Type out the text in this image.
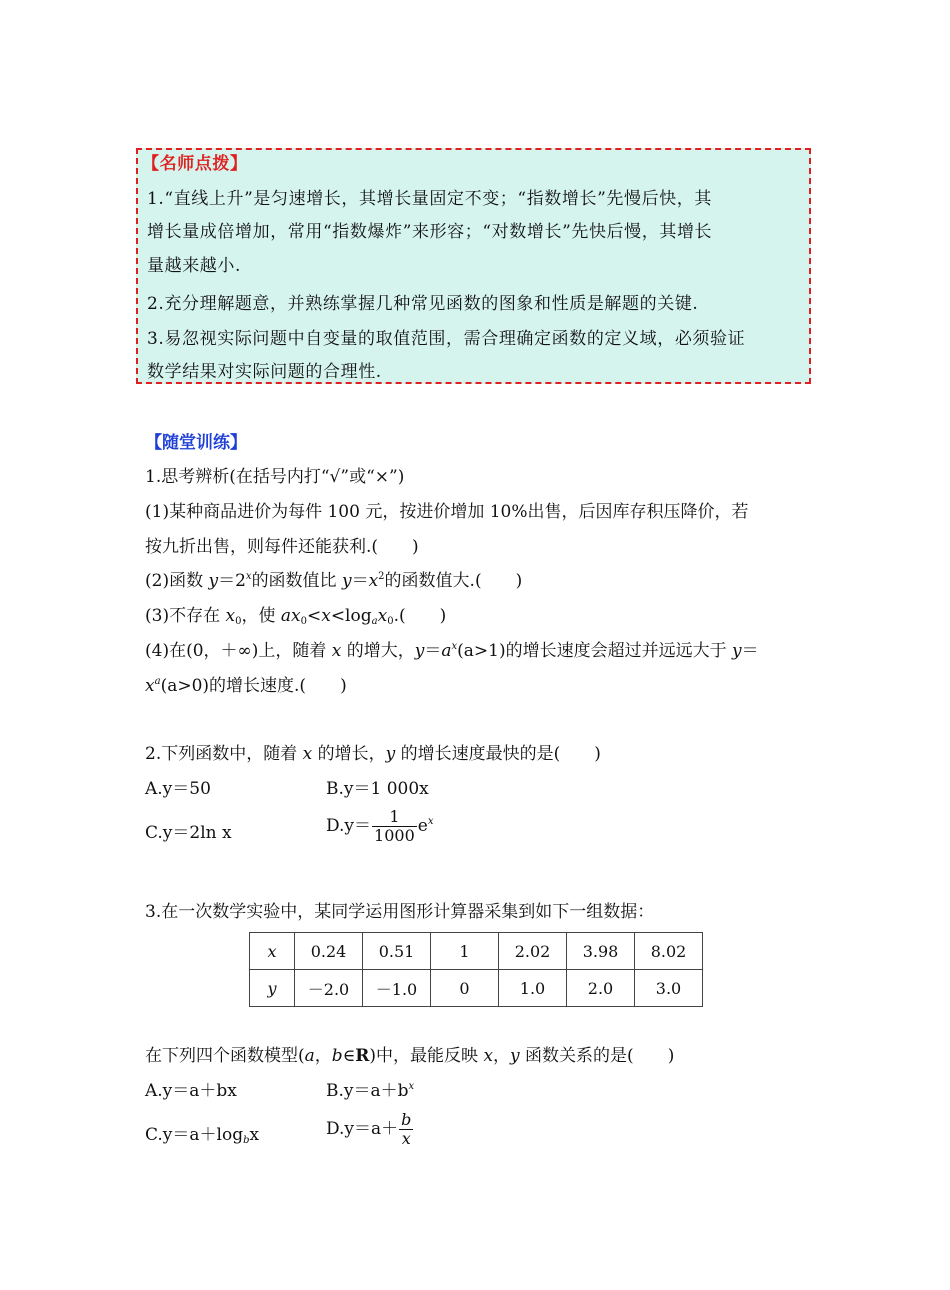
【名师点拨】
1.“直线上升”是匀速增长，其增长量固定不变；“指数增长”先慢后快，其
增长量成倍增加，常用“指数爆炸”来形容；“对数增长”先快后慢，其增长
量越来越小.
2.充分理解题意，并熟练掌握几种常见函数的图象和性质是解题的关键.
3.易忽视实际问题中自变量的取值范围，需合理确定函数的定义域，必须验证
数学结果对实际问题的合理性.
【随堂训练】
1.思考辨析(在括号内打“√”或“×”)
(1)某种商品进价为每件 100 元，按进价增加 10%出售，后因库存积压降价，若
按九折出售，则每件还能获利.(　　)
(2)函数 $y=2^x$的函数值比 $y=x^2$的函数值大.(　　)
(3)不存在 $x_0$，使 $ax_0<x<\log_ax_0$.(　　)
(4)在(0，＋∞)上，随着 x 的增大，$y=a^x(a>1)$的增长速度会超过并远远大于 y＝
$x^a(a>0)$的增长速度.(　　)
2.下列函数中，随着 x 的增长，y 的增长速度最快的是(　　)
A.y＝50	B.y＝1 000x
C.y＝2ln x	$D.y= \frac{1}{1000} e^x$
3.在一次数学实验中，某同学运用图形计算器采集到如下一组数据：
x	0.24	0.51	1	2.02	3.98	8.02
y	－2.0	－1.0	0	1.0	2.0	3.0
在下列四个函数模型(a，b∈R)中，最能反映 x，y 函数关系的是(　　)
A.y＝a＋bx	$B.y=a+b^x$
$C.y=a+\log_bx$	$D.y=a+ \frac{b}{x}$
